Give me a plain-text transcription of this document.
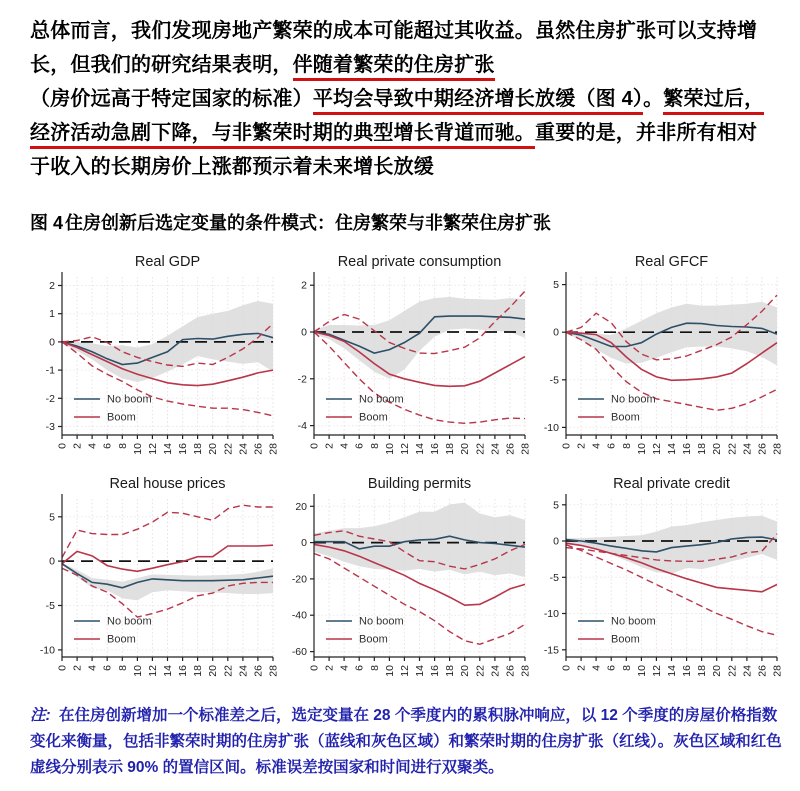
总体而言，我们发现房地产繁荣的成本可能超过其收益。虽然住房扩张可以支持增长，但我们的研究结果表明，伴随着繁荣的住房扩张（房价远高于特定国家的标准）平均会导致中期经济增长放缓（图 4）。繁荣过后，经济活动急剧下降，与非繁荣时期的典型增长背道而驰。重要的是，并非所有相对于收入的长期房价上涨都预示着未来增长放缓

图 4 住房创新后选定变量的条件模式：住房繁荣与非繁荣住房扩张

2
1
0
-1
-2
-3
0 2 4 6 8 10 12 14 16 18 20 22 24 26 28
Real GDP
No boom
Boom
2
0
-2
-4
0 2 4 6 8 10 12 14 16 18 20 22 24 26 28
Real private consumption
No boom
Boom
5
0
-5
-10
0 2 4 6 8 10 12 14 16 18 20 22 24 26 28
Real GFCF
No boom
Boom
5
0
-5
-10
0 2 4 6 8 10 12 14 16 18 20 22 24 26 28
Real house prices
No boom
Boom
20
0
-20
-40
-60
0 2 4 6 8 10 12 14 16 18 20 22 24 26 28
Building permits
No boom
Boom
5
0
-5
-10
-15
0 2 4 6 8 10 12 14 16 18 20 22 24 26 28
Real private credit
No boom
Boom

注: 在住房创新增加一个标准差之后，选定变量在 28 个季度内的累积脉冲响应，以 12 个季度的房屋价格指数变化来衡量，包括非繁荣时期的住房扩张（蓝线和灰色区域）和繁荣时期的住房扩张（红线）。灰色区域和红色虚线分别表示 90% 的置信区间。标准误差按国家和时间进行双聚类。
